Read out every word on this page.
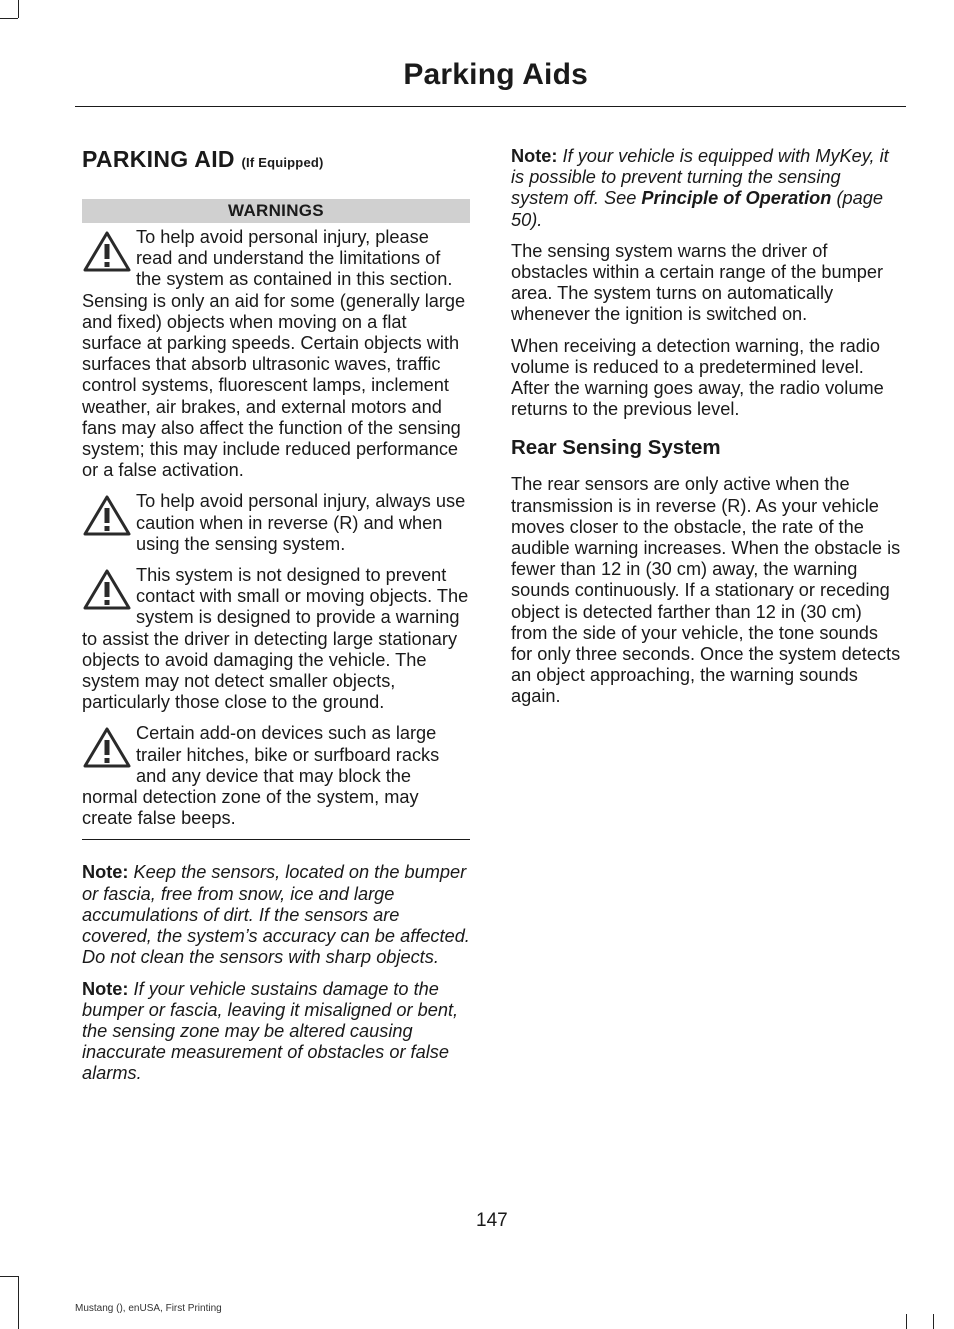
Parking Aids
PARKING AID (If Equipped)
WARNINGS

To help avoid personal injury, please read and understand the limitations of the system as contained in this section. Sensing is only an aid for some (generally large and fixed) objects when moving on a flat surface at parking speeds. Certain objects with surfaces that absorb ultrasonic waves, traffic control systems, fluorescent lamps, inclement weather, air brakes, and external motors and fans may also affect the function of the sensing system; this may include reduced performance or a false activation.

To help avoid personal injury, always use caution when in reverse (R) and when using the sensing system.

This system is not designed to prevent contact with small or moving objects. The system is designed to provide a warning to assist the driver in detecting large stationary objects to avoid damaging the vehicle. The system may not detect smaller objects, particularly those close to the ground.

Certain add-on devices such as large trailer hitches, bike or surfboard racks and any device that may block the normal detection zone of the system, may create false beeps.

Note: Keep the sensors, located on the bumper or fascia, free from snow, ice and large accumulations of dirt. If the sensors are covered, the system’s accuracy can be affected. Do not clean the sensors with sharp objects.

Note: If your vehicle sustains damage to the bumper or fascia, leaving it misaligned or bent, the sensing zone may be altered causing inaccurate measurement of obstacles or false alarms.

Note: If your vehicle is equipped with MyKey, it is possible to prevent turning the sensing system off. See Principle of Operation (page 50).

The sensing system warns the driver of obstacles within a certain range of the bumper area. The system turns on automatically whenever the ignition is switched on.

When receiving a detection warning, the radio volume is reduced to a predetermined level. After the warning goes away, the radio volume returns to the previous level.

Rear Sensing System

The rear sensors are only active when the transmission is in reverse (R). As your vehicle moves closer to the obstacle, the rate of the audible warning increases. When the obstacle is fewer than 12 in (30 cm) away, the warning sounds continuously. If a stationary or receding object is detected farther than 12 in (30 cm) from the side of your vehicle, the tone sounds for only three seconds. Once the system detects an object approaching, the warning sounds again.

147
Mustang (), enUSA, First Printing
